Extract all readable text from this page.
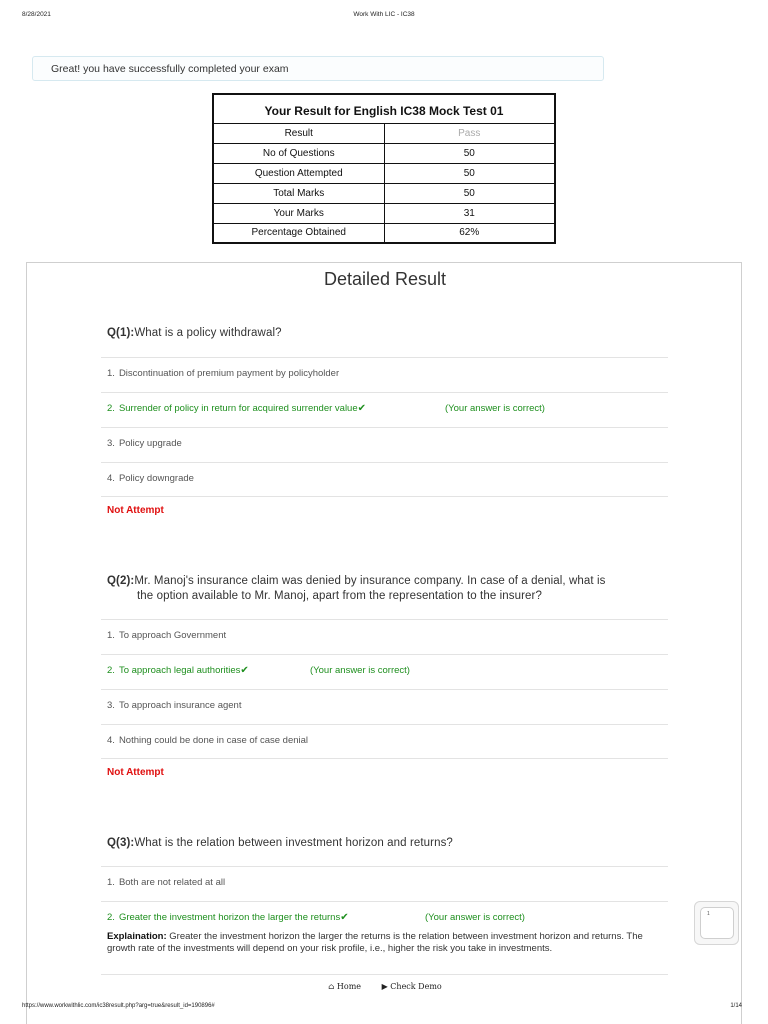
8/28/2021	Work With LIC - IC38
Great! you have successfully completed your exam
Your Result for English IC38 Mock Test 01	
Result	Pass
No of Questions	50
Question Attempted	50
Total Marks	50
Your Marks	31
Percentage Obtained	62%
Detailed Result
Q(1):What is a policy withdrawal?
1. Discontinuation of premium payment by policyholder
2. Surrender of policy in return for acquired surrender value✔	(Your answer is correct)
3. Policy upgrade
4. Policy downgrade
Not Attempt
Q(2):Mr. Manoj's insurance claim was denied by insurance company. In case of a denial, what is
the option available to Mr. Manoj, apart from the representation to the insurer?
1. To approach Government
2. To approach legal authorities✔	(Your answer is correct)
3. To approach insurance agent
4. Nothing could be done in case of case denial
Not Attempt
Q(3):What is the relation between investment horizon and returns?
1. Both are not related at all
2. Greater the investment horizon the larger the returns✔	(Your answer is correct)
Explaination: Greater the investment horizon the larger the returns is the relation between investment horizon and returns. The growth rate of the investments will depend on your risk profile, i.e., higher the risk you take in investments.
⌂ Home	▶ Check Demo
1
https://www.workwithlic.com/ic38result.php?arg=true&result_id=190896#	1/14
